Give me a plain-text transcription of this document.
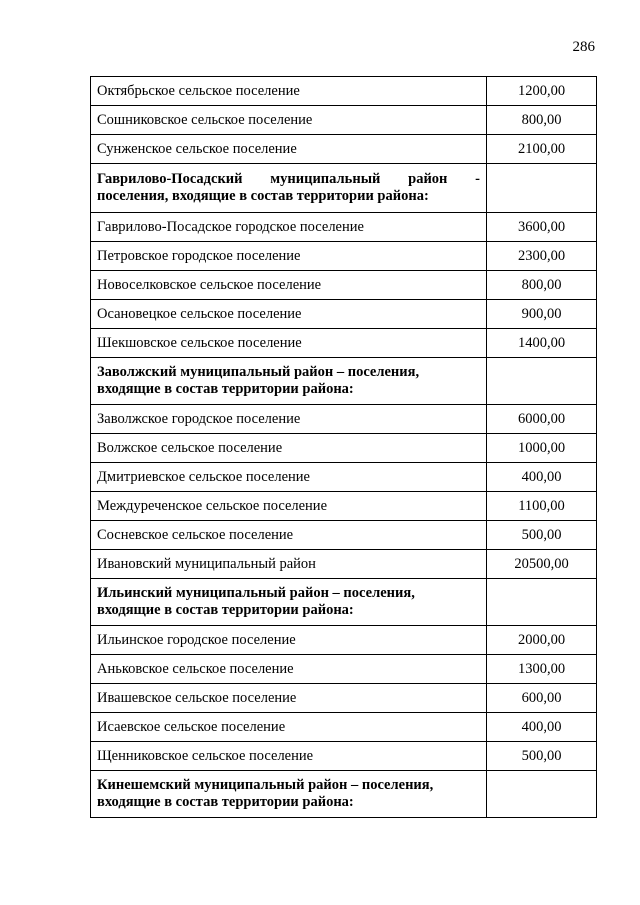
286
Октябрьское сельское поселение	1200,00
Сошниковское сельское поселение	800,00
Сунженское сельское поселение	2100,00
Гаврилово-Посадский муниципальный район - поселения, входящие в состав территории района:	
Гаврилово-Посадское городское поселение	3600,00
Петровское городское поселение	2300,00
Новоселковское сельское поселение	800,00
Осановецкое сельское поселение	900,00
Шекшовское сельское поселение	1400,00
Заволжский муниципальный район – поселения, входящие в состав территории района:	
Заволжское городское поселение	6000,00
Волжское сельское поселение	1000,00
Дмитриевское сельское поселение	400,00
Междуреченское сельское поселение	1100,00
Сосневское сельское поселение	500,00
Ивановский муниципальный район	20500,00
Ильинский муниципальный район – поселения, входящие в состав территории района:	
Ильинское городское поселение	2000,00
Аньковское сельское поселение	1300,00
Ивашевское сельское поселение	600,00
Исаевское сельское поселение	400,00
Щенниковское сельское поселение	500,00
Кинешемский муниципальный район – поселения, входящие в состав территории района:	
